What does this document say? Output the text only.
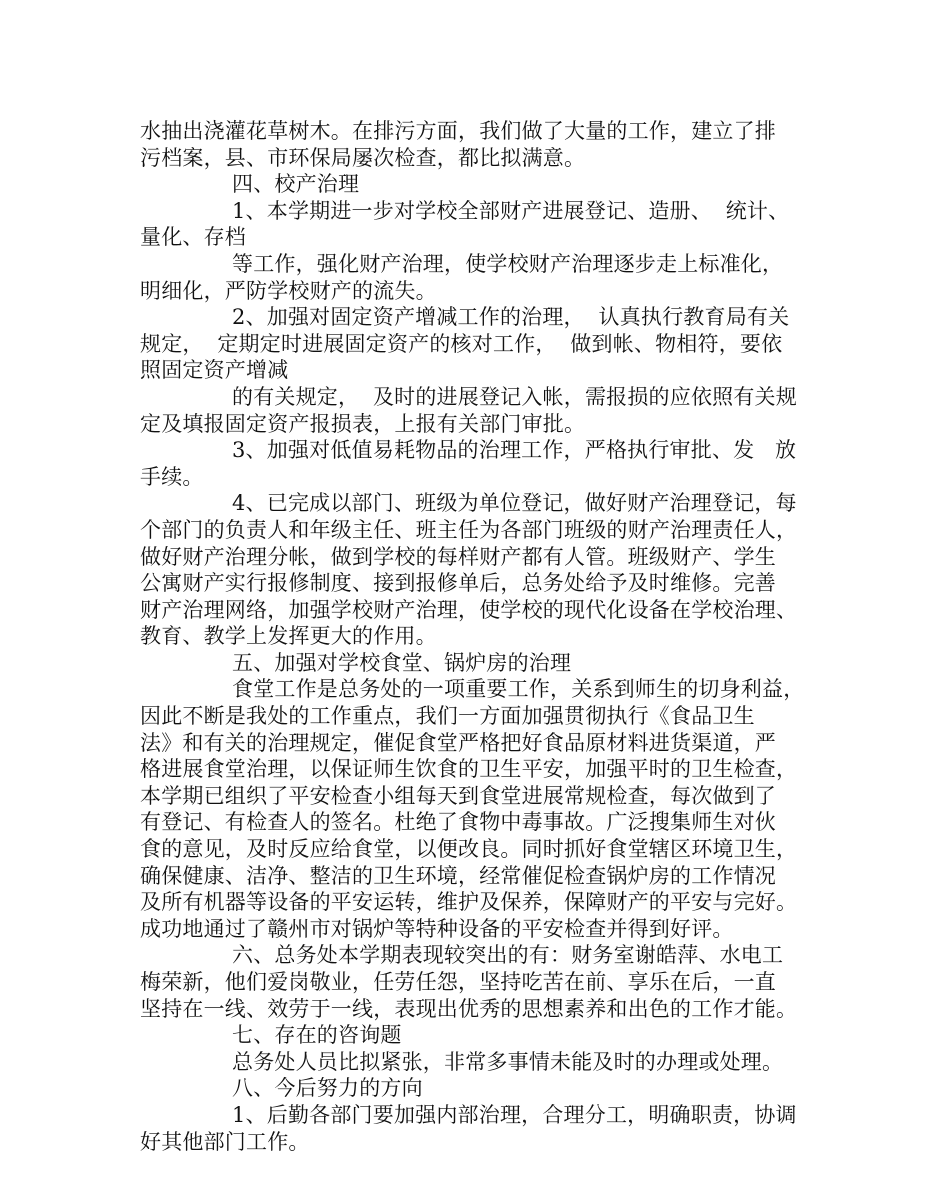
水抽出浇灌花草树木。在排污方面，我们做了大量的工作，建立了排
污档案，县、市环保局屡次检查，都比拟满意。
四、校产治理
1、本学期进一步对学校全部财产进展登记、造册、  统计、
量化、存档
等工作，强化财产治理，使学校财产治理逐步走上标准化，
明细化，严防学校财产的流失。
2、加强对固定资产增减工作的治理，  认真执行教育局有关
规定，  定期定时进展固定资产的核对工作，  做到帐、物相符，要依
照固定资产增减
的有关规定，  及时的进展登记入帐，需报损的应依照有关规
定及填报固定资产报损表，上报有关部门审批。
3、加强对低值易耗物品的治理工作，严格执行审批、发   放
手续。
4、已完成以部门、班级为单位登记，做好财产治理登记，每
个部门的负责人和年级主任、班主任为各部门班级的财产治理责任人，
做好财产治理分帐，做到学校的每样财产都有人管。班级财产、学生
公寓财产实行报修制度、接到报修单后，总务处给予及时维修。完善
财产治理网络，加强学校财产治理，使学校的现代化设备在学校治理、
教育、教学上发挥更大的作用。
五、加强对学校食堂、锅炉房的治理
食堂工作是总务处的一项重要工作，关系到师生的切身利益，
因此不断是我处的工作重点，我们一方面加强贯彻执行《食品卫生
法》和有关的治理规定，催促食堂严格把好食品原材料进货渠道，严
格进展食堂治理，以保证师生饮食的卫生平安，加强平时的卫生检查，
本学期已组织了平安检查小组每天到食堂进展常规检查，每次做到了
有登记、有检查人的签名。杜绝了食物中毒事故。广泛搜集师生对伙
食的意见，及时反应给食堂，以便改良。同时抓好食堂辖区环境卫生，
确保健康、洁净、整洁的卫生环境，经常催促检查锅炉房的工作情况
及所有机器等设备的平安运转，维护及保养，保障财产的平安与完好。
成功地通过了赣州市对锅炉等特种设备的平安检查并得到好评。
六、总务处本学期表现较突出的有：财务室谢皓萍、水电工
梅荣新，他们爱岗敬业，任劳任怨，坚持吃苦在前、享乐在后，一直
坚持在一线、效劳于一线，表现出优秀的思想素养和出色的工作才能。
七、存在的咨询题
总务处人员比拟紧张，非常多事情未能及时的办理或处理。
八、今后努力的方向
1、后勤各部门要加强内部治理，合理分工，明确职责，协调
好其他部门工作。
